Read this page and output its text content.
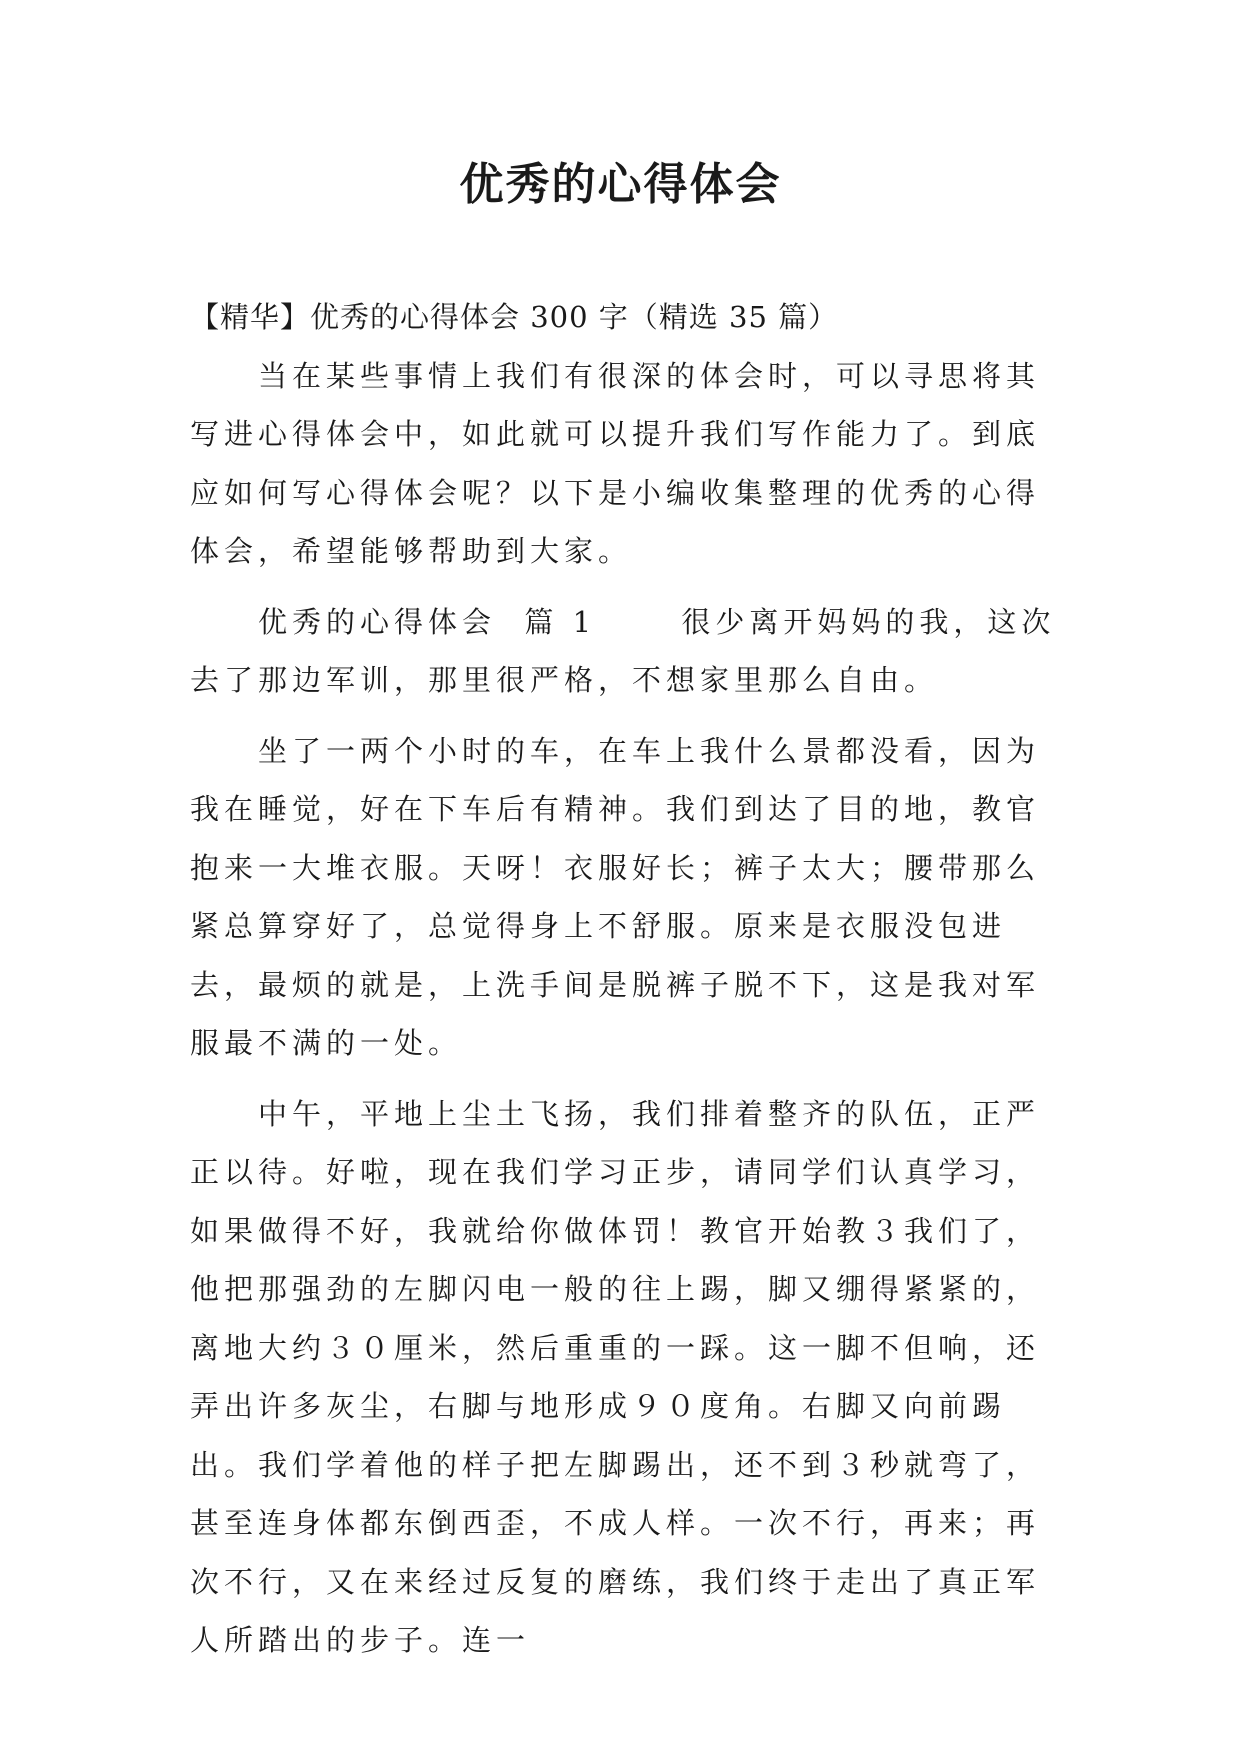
优秀的心得体会

【精华】优秀的心得体会 300 字（精选 35 篇）

当在某些事情上我们有很深的体会时，可以寻思将其写进心得体会中，如此就可以提升我们写作能力了。到底应如何写心得体会呢？以下是小编收集整理的优秀的心得体会，希望能够帮助到大家。

优秀的心得体会  篇 1      很少离开妈妈的我，这次去了那边军训，那里很严格，不想家里那么自由。

坐了一两个小时的车，在车上我什么景都没看，因为我在睡觉，好在下车后有精神。我们到达了目的地，教官抱来一大堆衣服。天呀！衣服好长；裤子太大；腰带那么紧总算穿好了，总觉得身上不舒服。原来是衣服没包进去，最烦的就是，上洗手间是脱裤子脱不下，这是我对军服最不满的一处。

中午，平地上尘土飞扬，我们排着整齐的队伍，正严正以待。好啦，现在我们学习正步，请同学们认真学习，如果做得不好，我就给你做体罚！教官开始教３我们了，他把那强劲的左脚闪电一般的往上踢，脚又绷得紧紧的，离地大约３０厘米，然后重重的一踩。这一脚不但响，还弄出许多灰尘，右脚与地形成９０度角。右脚又向前踢出。我们学着他的样子把左脚踢出，还不到３秒就弯了，甚至连身体都东倒西歪，不成人样。一次不行，再来；再次不行，又在来经过反复的磨练，我们终于走出了真正军人所踏出的步子。连一
